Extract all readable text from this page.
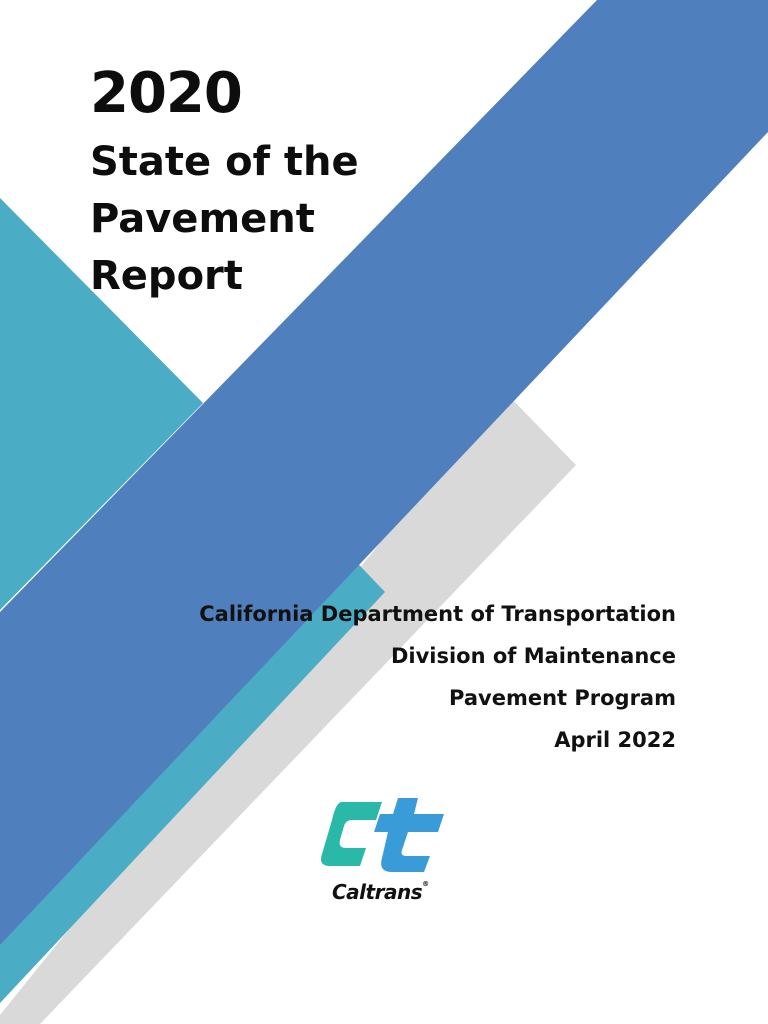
2020
State of the
Pavement
Report
California Department of Transportation
Division of Maintenance
Pavement Program
April 2022
Caltrans®
